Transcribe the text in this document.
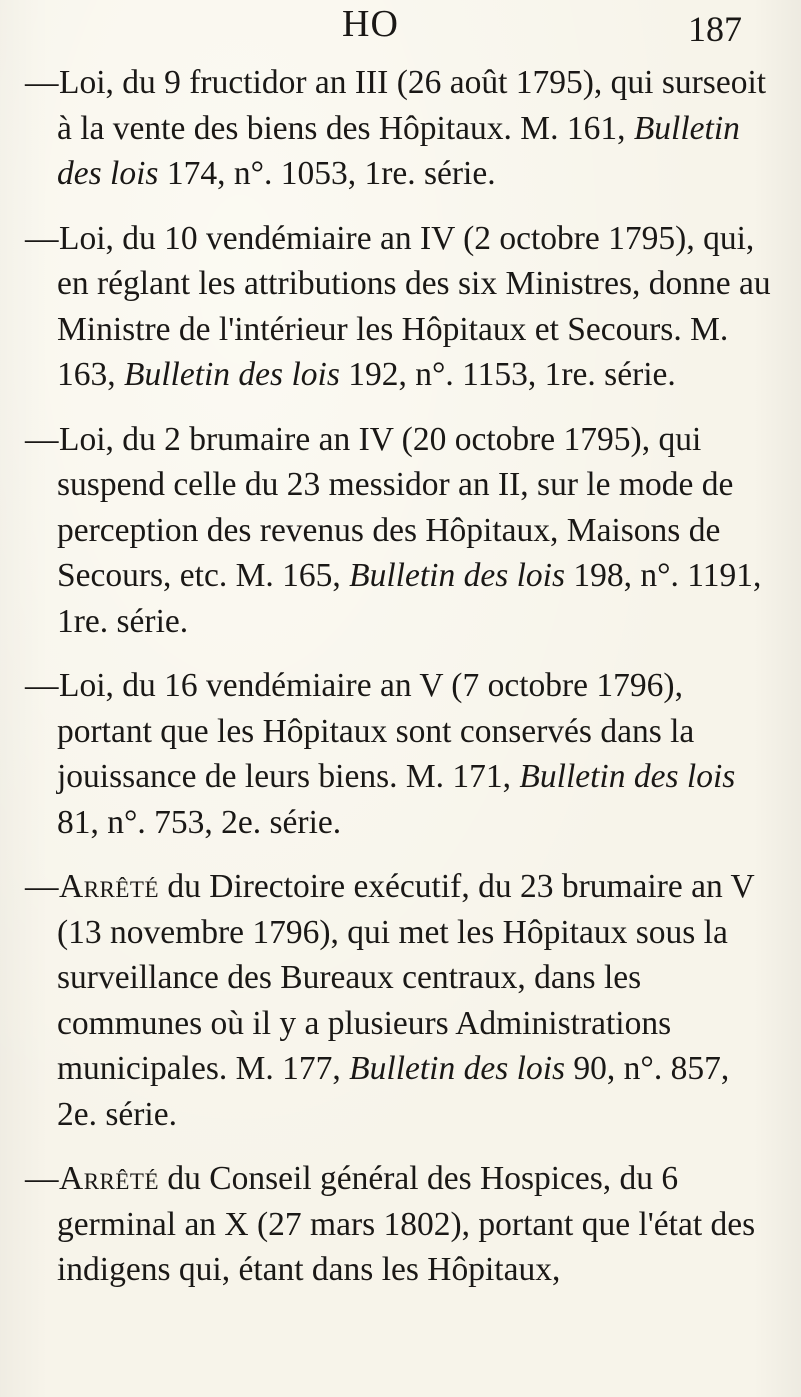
HO	187

—Loi, du 9 fructidor an III (26 août 1795), qui surseoit à la vente des biens des Hôpitaux. M. 161, Bulletin des lois 174, n°. 1053, 1re. série.

—Loi, du 10 vendémiaire an IV (2 octobre 1795), qui, en réglant les attributions des six Ministres, donne au Ministre de l'intérieur les Hôpitaux et Secours. M. 163, Bulletin des lois 192, n°. 1153, 1re. série.

—Loi, du 2 brumaire an IV (20 octobre 1795), qui suspend celle du 23 messidor an II, sur le mode de perception des revenus des Hôpitaux, Maisons de Secours, etc. M. 165, Bulletin des lois 198, n°. 1191, 1re. série.

—Loi, du 16 vendémiaire an V (7 octobre 1796), portant que les Hôpitaux sont conservés dans la jouissance de leurs biens. M. 171, Bulletin des lois 81, n°. 753, 2e. série.

—Arrêté du Directoire exécutif, du 23 brumaire an V (13 novembre 1796), qui met les Hôpitaux sous la surveillance des Bureaux centraux, dans les communes où il y a plusieurs Administrations municipales. M. 177, Bulletin des lois 90, n°. 857, 2e. série.

—Arrêté du Conseil général des Hospices, du 6 germinal an X (27 mars 1802), portant que l'état des indigens qui, étant dans les Hôpitaux,
